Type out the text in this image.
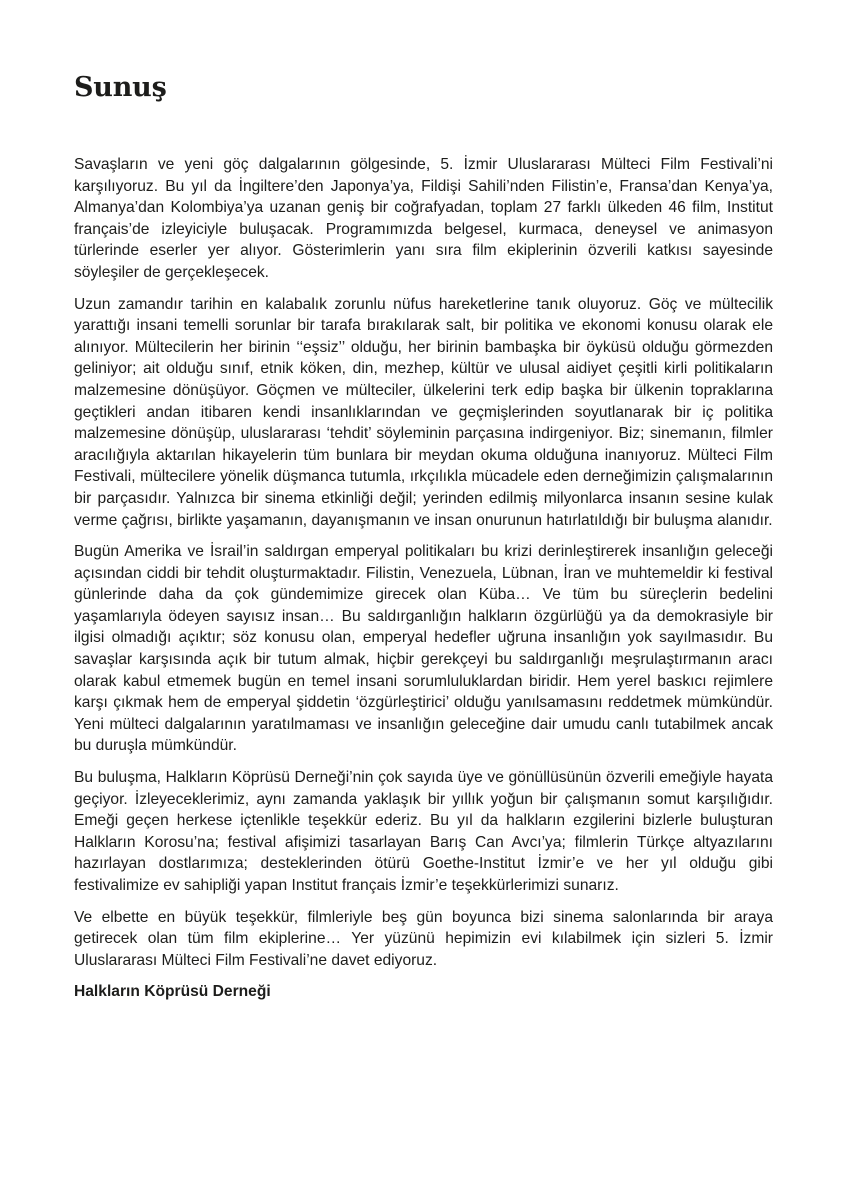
Sunuş

Savaşların ve yeni göç dalgalarının gölgesinde, 5. İzmir Uluslararası Mülteci Film Festivali’ni karşılıyoruz. Bu yıl da İngiltere’den Japonya’ya, Fildişi Sahili’nden Filistin’e, Fransa’dan Kenya’ya, Almanya’dan Kolombiya’ya uzanan geniş bir coğrafyadan, toplam 27 farklı ülkeden 46 film, Institut français’de izleyiciyle buluşacak. Programımızda belgesel, kurmaca, deneysel ve animasyon türlerinde eserler yer alıyor. Gösterimlerin yanı sıra film ekiplerinin özverili katkısı sayesinde söyleşiler de gerçekleşecek.

Uzun zamandır tarihin en kalabalık zorunlu nüfus hareketlerine tanık oluyoruz. Göç ve mültecilik yarattığı insani temelli sorunlar bir tarafa bırakılarak salt, bir politika ve ekonomi konusu olarak ele alınıyor. Mültecilerin her birinin ‘‘eşsiz’’ olduğu, her birinin bambaşka bir öyküsü olduğu görmezden geliniyor; ait olduğu sınıf, etnik köken, din, mezhep, kültür ve ulusal aidiyet çeşitli kirli politikaların malzemesine dönüşüyor. Göçmen ve mülteciler, ülkelerini terk edip başka bir ülkenin topraklarına geçtikleri andan itibaren kendi insanlıklarından ve geçmişlerinden soyutlanarak bir iç politika malzemesine dönüşüp, uluslararası ‘tehdit’ söyleminin parçasına indirgeniyor. Biz; sinemanın, filmler aracılığıyla aktarılan hikayelerin tüm bunlara bir meydan okuma olduğuna inanıyoruz. Mülteci Film Festivali, mültecilere yönelik düşmanca tutumla, ırkçılıkla mücadele eden derneğimizin çalışmalarının bir parçasıdır. Yalnızca bir sinema etkinliği değil; yerinden edilmiş milyonlarca insanın sesine kulak verme çağrısı, birlikte yaşamanın, dayanışmanın ve insan onurunun hatırlatıldığı bir buluşma alanıdır.

Bugün Amerika ve İsrail’in saldırgan emperyal politikaları bu krizi derinleştirerek insanlığın geleceği açısından ciddi bir tehdit oluşturmaktadır. Filistin, Venezuela, Lübnan, İran ve muhtemeldir ki festival günlerinde daha da çok gündemimize girecek olan Küba… Ve tüm bu süreçlerin bedelini yaşamlarıyla ödeyen sayısız insan… Bu saldırganlığın halkların özgürlüğü ya da demokrasiyle bir ilgisi olmadığı açıktır; söz konusu olan, emperyal hedefler uğruna insanlığın yok sayılmasıdır. Bu savaşlar karşısında açık bir tutum almak, hiçbir gerekçeyi bu saldırganlığı meşrulaştırmanın aracı olarak kabul etmemek bugün en temel insani sorumluluklardan biridir. Hem yerel baskıcı rejimlere karşı çıkmak hem de emperyal şiddetin ‘özgürleştirici’ olduğu yanılsamasını reddetmek mümkündür. Yeni mülteci dalgalarının yaratılmaması ve insanlığın geleceğine dair umudu canlı tutabilmek ancak bu duruşla mümkündür.

Bu buluşma, Halkların Köprüsü Derneği’nin çok sayıda üye ve gönüllüsünün özverili emeğiyle hayata geçiyor. İzleyeceklerimiz, aynı zamanda yaklaşık bir yıllık yoğun bir çalışmanın somut karşılığıdır. Emeği geçen herkese içtenlikle teşekkür ederiz. Bu yıl da halkların ezgilerini bizlerle buluşturan Halkların Korosu’na; festival afişimizi tasarlayan Barış Can Avcı’ya; filmlerin Türkçe altyazılarını hazırlayan dostlarımıza; desteklerinden ötürü Goethe-Institut İzmir’e ve her yıl olduğu gibi festivalimize ev sahipliği yapan Institut français İzmir’e teşekkürlerimizi sunarız.

Ve elbette en büyük teşekkür, filmleriyle beş gün boyunca bizi sinema salonlarında bir araya getirecek olan tüm film ekiplerine… Yer yüzünü hepimizin evi kılabilmek için sizleri 5. İzmir Uluslararası Mülteci Film Festivali’ne davet ediyoruz.

Halkların Köprüsü Derneği
